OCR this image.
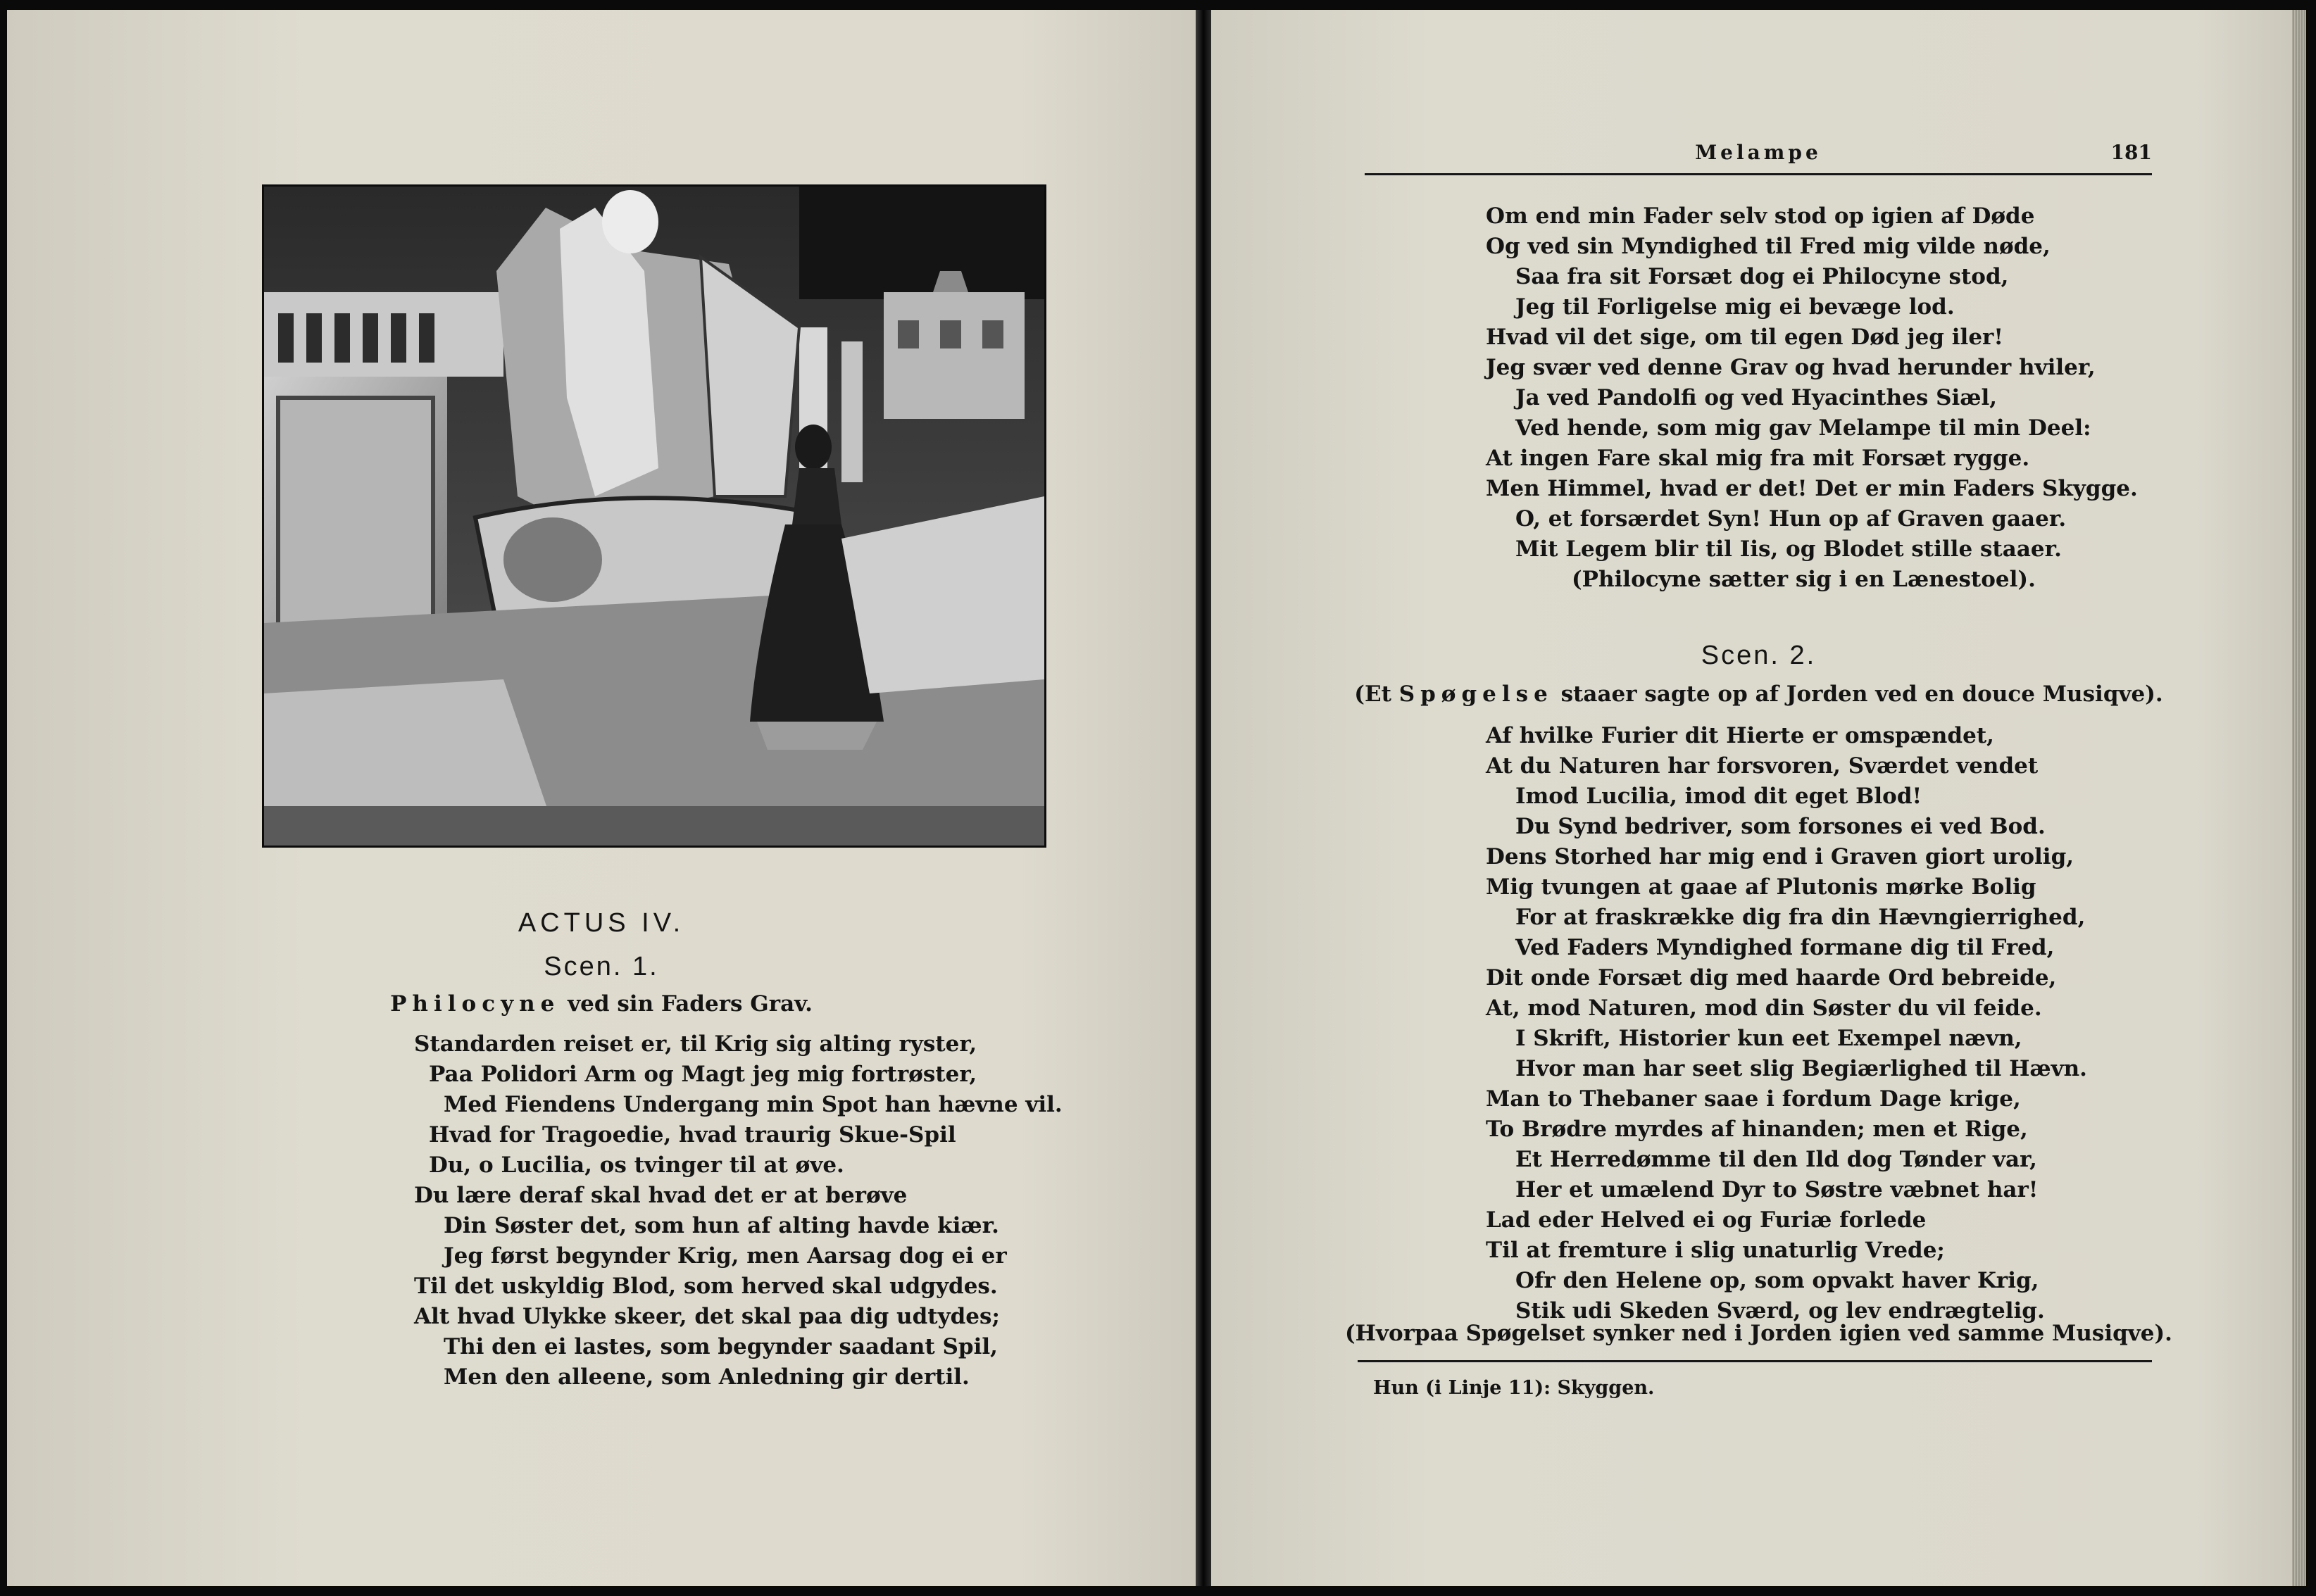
ACTUS IV.
Scen. 1.
Philocyne ved sin Faders Grav.
Standarden reiset er, til Krig sig alting ryster,
Paa Polidori Arm og Magt jeg mig fortrøster,
Med Fiendens Undergang min Spot han hævne vil.
Hvad for Tragoedie, hvad traurig Skue-Spil
Du, o Lucilia, os tvinger til at øve.
Du lære deraf skal hvad det er at berøve
Din Søster det, som hun af alting havde kiær.
Jeg først begynder Krig, men Aarsag dog ei er
Til det uskyldig Blod, som herved skal udgydes.
Alt hvad Ulykke skeer, det skal paa dig udtydes;
Thi den ei lastes, som begynder saadant Spil,
Men den alleene, som Anledning gir dertil.
Melampe	181
Om end min Fader selv stod op igien af Døde
Og ved sin Myndighed til Fred mig vilde nøde,
Saa fra sit Forsæt dog ei Philocyne stod,
Jeg til Forligelse mig ei bevæge lod.
Hvad vil det sige, om til egen Død jeg iler!
Jeg svær ved denne Grav og hvad herunder hviler,
Ja ved Pandolfi og ved Hyacinthes Siæl,
Ved hende, som mig gav Melampe til min Deel:
At ingen Fare skal mig fra mit Forsæt rygge.
Men Himmel, hvad er det! Det er min Faders Skygge.
O, et forsærdet Syn! Hun op af Graven gaaer.
Mit Legem blir til Iis, og Blodet stille staaer.
(Philocyne sætter sig i en Lænestoel).
Scen. 2.
(Et Spøgelse staaer sagte op af Jorden ved en douce Musiqve).
Af hvilke Furier dit Hierte er omspændet,
At du Naturen har forsvoren, Sværdet vendet
Imod Lucilia, imod dit eget Blod!
Du Synd bedriver, som forsones ei ved Bod.
Dens Storhed har mig end i Graven giort urolig,
Mig tvungen at gaae af Plutonis mørke Bolig
For at fraskrække dig fra din Hævngierrighed,
Ved Faders Myndighed formane dig til Fred,
Dit onde Forsæt dig med haarde Ord bebreide,
At, mod Naturen, mod din Søster du vil feide.
I Skrift, Historier kun eet Exempel nævn,
Hvor man har seet slig Begiærlighed til Hævn.
Man to Thebaner saae i fordum Dage krige,
To Brødre myrdes af hinanden; men et Rige,
Et Herredømme til den Ild dog Tønder var,
Her et umælend Dyr to Søstre væbnet har!
Lad eder Helved ei og Furiæ forlede
Til at fremture i slig unaturlig Vrede;
Ofr den Helene op, som opvakt haver Krig,
Stik udi Skeden Sværd, og lev endrægtelig.
(Hvorpaa Spøgelset synker ned i Jorden igien ved samme Musiqve).
Hun (i Linje 11): Skyggen.
